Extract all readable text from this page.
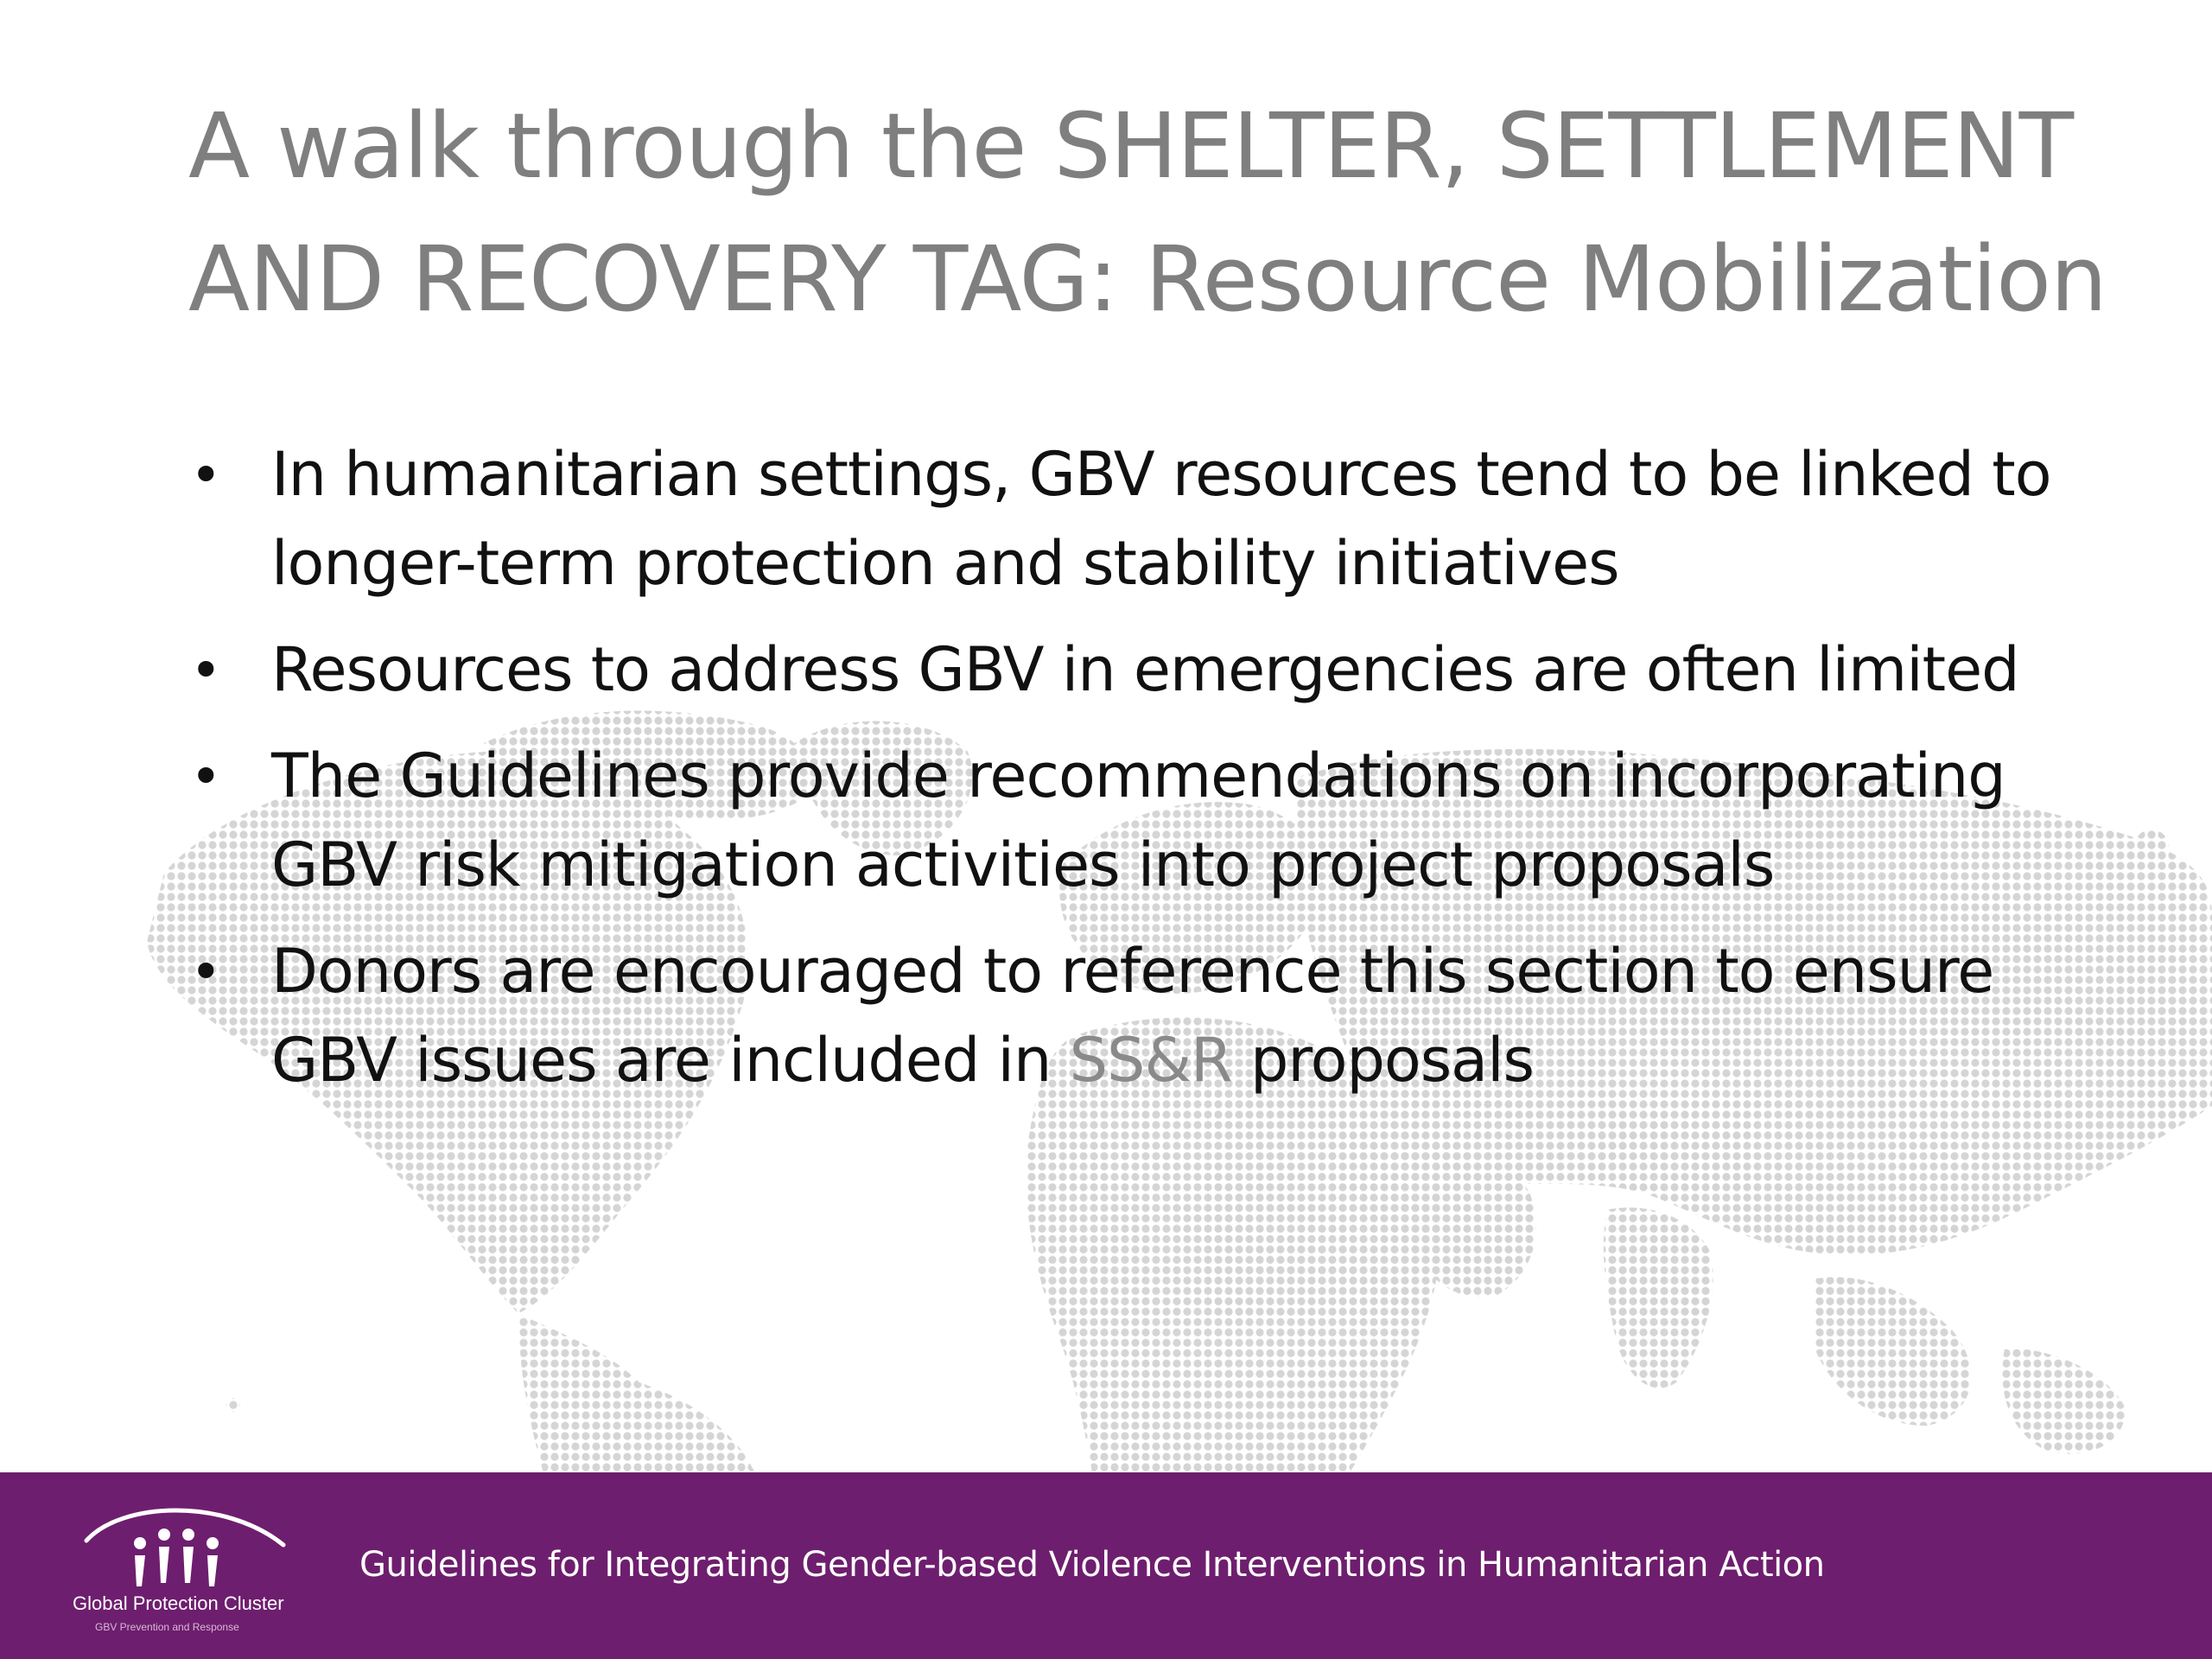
A walk through the SHELTER, SETTLEMENT
AND RECOVERY TAG: Resource Mobilization
• In humanitarian settings, GBV resources tend to be linked to longer-term protection and stability initiatives
• Resources to address GBV in emergencies are often limited
• The Guidelines provide recommendations on incorporating GBV risk mitigation activities into project proposals
• Donors are encouraged to reference this section to ensure GBV issues are included in SS&R proposals
Global Protection Cluster
GBV Prevention and Response
Guidelines for Integrating Gender-based Violence Interventions in Humanitarian Action
